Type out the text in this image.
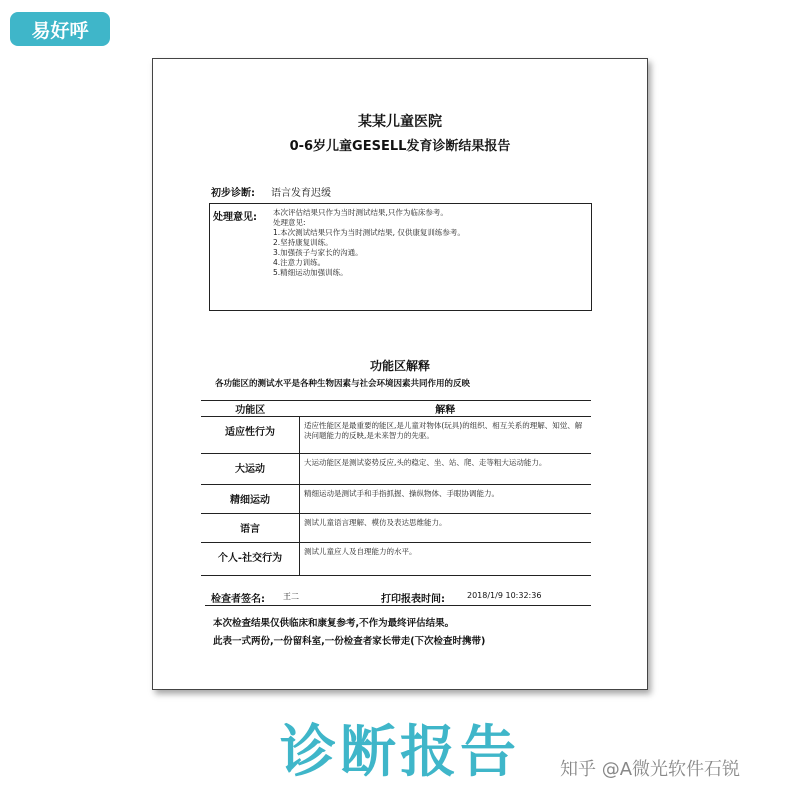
易好呼
某某儿童医院
0-6岁儿童GESELL发育诊断结果报告
初步诊断: 语言发育迟缓
处理意见: 本次评估结果只作为当时测试结果,只作为临床参考。
处理意见:
1.本次测试结果只作为当时测试结果, 仅供康复训练参考。
2.坚持康复训练。
3.加强孩子与家长的沟通。
4.注意力训练。
5.精细运动加强训练。
功能区解释
各功能区的测试水平是各种生物因素与社会环境因素共同作用的反映
功能区	解释
适应性行为	适应性能区是最重要的能区,是儿童对物体(玩具)的组织、相互关系的理解、知觉、解决问题能力的反映,是未来智力的先驱。
大运动	大运动能区是测试姿势反应,头的稳定、坐、站、爬、走等粗大运动能力。
精细运动	精细运动是测试手和手指抓握、操纵物体、手眼协调能力。
语言	测试儿童语言理解、模仿及表达思维能力。
个人-社交行为	测试儿童应人及自理能力的水平。
检查者签名: 王二	打印报表时间:	2018/1/9 10:32:36
本次检查结果仅供临床和康复参考,不作为最终评估结果。
此表一式两份,一份留科室,一份检查者家长带走(下次检查时携带)
诊断报告	知乎 @A微光软件石锐
